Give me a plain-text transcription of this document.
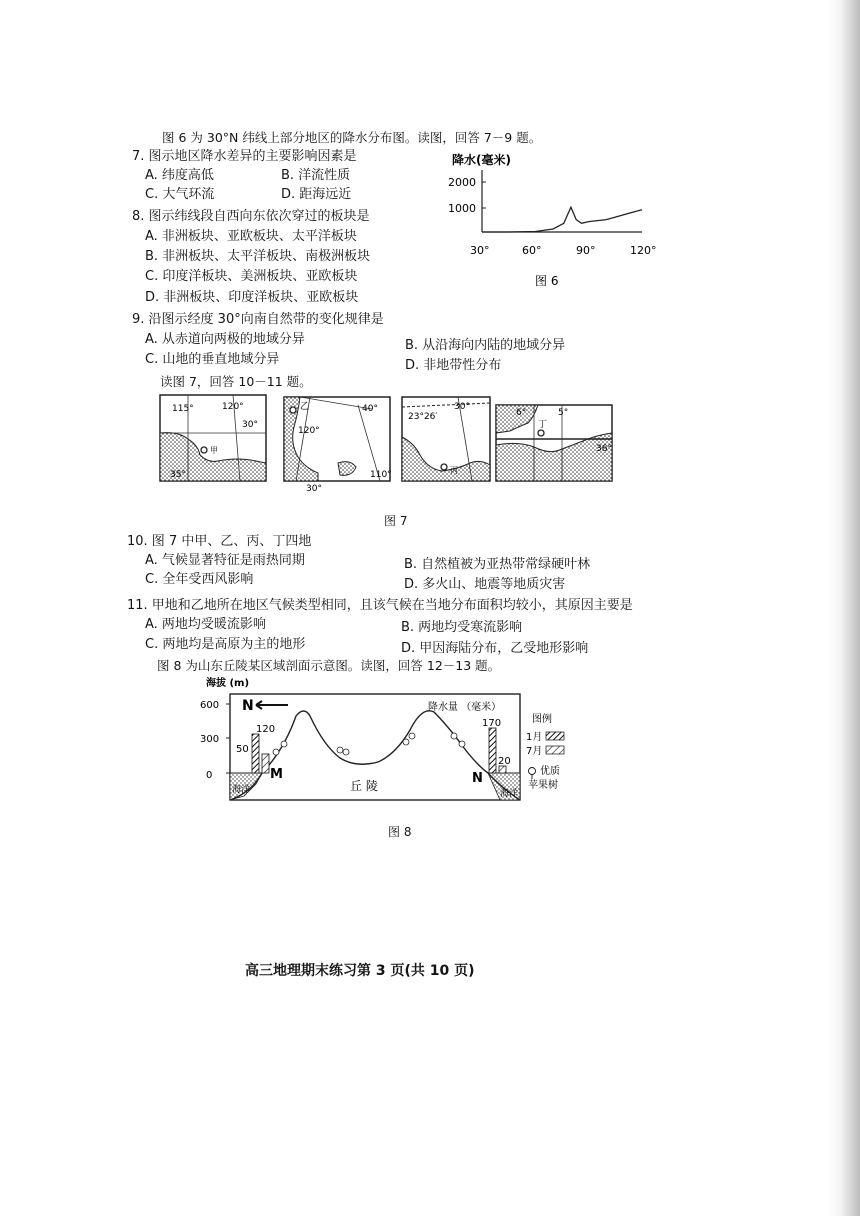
图 6 为 30°N 纬线上部分地区的降水分布图。读图，回答 7－9 题。
7. 图示地区降水差异的主要影响因素是
A. 纬度高低	B. 洋流性质
C. 大气环流	D. 距海远近
8. 图示纬线段自西向东依次穿过的板块是
A. 非洲板块、亚欧板块、太平洋板块
B. 非洲板块、太平洋板块、南极洲板块
C. 印度洋板块、美洲板块、亚欧板块
D. 非洲板块、印度洋板块、亚欧板块
降水(毫米)
2000
1000
30°	60°	90°	120°
图 6
9. 沿图示经度 30°向南自然带的变化规律是
A. 从赤道向两极的地域分异	B. 从沿海向内陆的地域分异
C. 山地的垂直地域分异	D. 非地带性分布
读图 7，回答 10－11 题。
115°	120°
30°
甲
35°
乙	40°
120°
110°
30°
23°26′
30°
丙
6°	5°
丁
36°
图 7
10. 图 7 中甲、乙、丙、丁四地
A. 气候显著特征是雨热同期	B. 自然植被为亚热带常绿硬叶林
C. 全年受西风影响	D. 多火山、地震等地质灾害
11. 甲地和乙地所在地区气候类型相同，且该气候在当地分布面积均较小，其原因主要是
A. 两地均受暖流影响	B. 两地均受寒流影响
C. 两地均是高原为主的地形	D. 甲因海陆分布，乙受地形影响
图 8 为山东丘陵某区域剖面示意图。读图，回答 12－13 题。
海拔 (m)
600
300
0
N	降水量 （毫米）
120
50
M
170
20
N
丘 陵
海洋	海洋
图例
1月
7月
优质
苹果树
图 8
高三地理期末练习第 3 页(共 10 页)
